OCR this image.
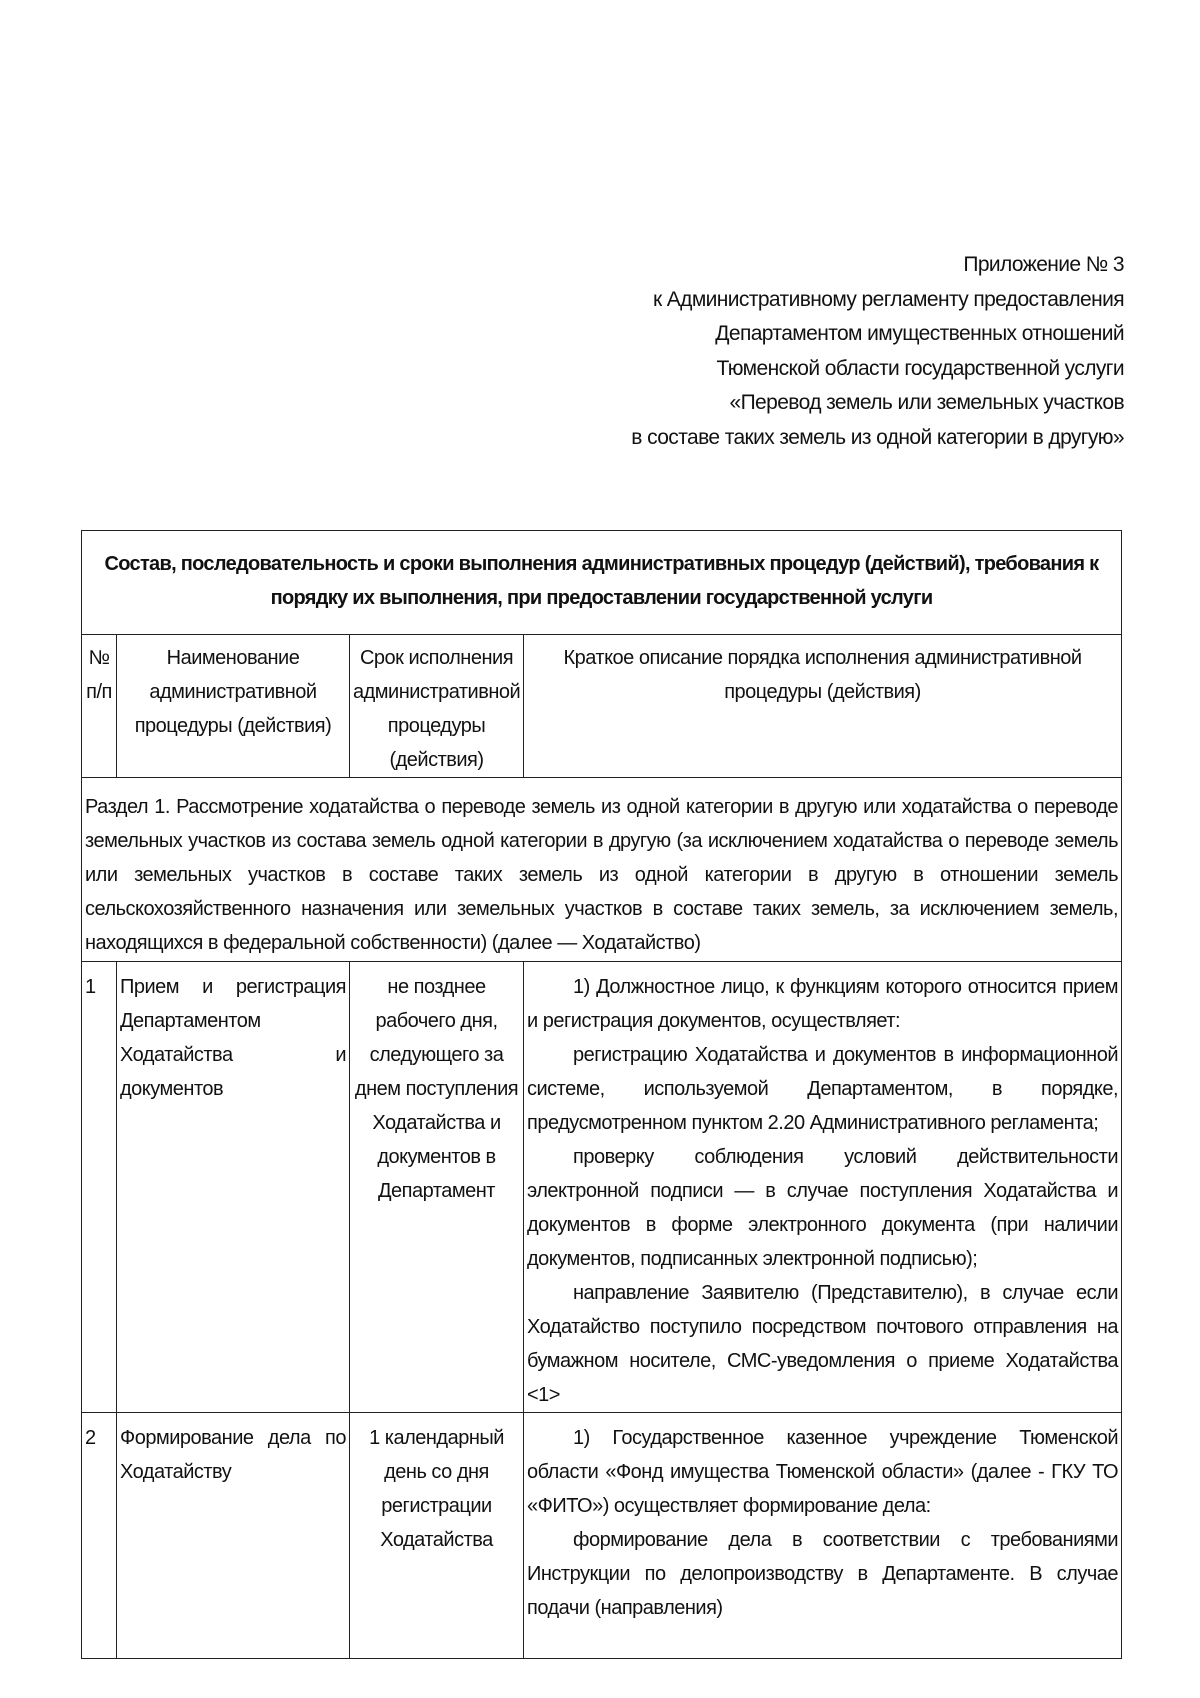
Приложение № 3
к Административному регламенту предоставления
Департаментом имущественных отношений
Тюменской области государственной услуги
«Перевод земель или земельных участков
в составе таких земель из одной категории в другую»
Состав, последовательность и сроки выполнения административных процедур (действий), требования к порядку их выполнения, при предоставлении государственной услуги			
№ п/п	Наименование административной процедуры (действия)	Срок исполнения административной процедуры (действия)	Краткое описание порядка исполнения административной процедуры (действия)
Раздел 1. Рассмотрение ходатайства о переводе земель из одной категории в другую или ходатайства о переводе земельных участков из состава земель одной категории в другую (за исключением ходатайства о переводе земель или земельных участков в составе таких земель из одной категории в другую в отношении земель сельскохозяйственного назначения или земельных участков в составе таких земель, за исключением земель, находящихся в федеральной собственности) (далее — Ходатайство)			
1	Прием и регистрация Департаментом Ходатайства и документов	не позднее рабочего дня, следующего за днем поступления Ходатайства и документов в Департамент	1) Должностное лицо, к функциям которого относится прием и регистрация документов, осуществляет:

регистрацию Ходатайства и документов в информационной системе, используемой Департаментом, в порядке, предусмотренном пунктом 2.20 Административного регламента;

проверку соблюдения условий действительности электронной подписи — в случае поступления Ходатайства и документов в форме электронного документа (при наличии документов, подписанных электронной подписью);

направление Заявителю (Представителю), в случае если Ходатайство поступило посредством почтового отправления на бумажном носителе, СМС-уведомления о приеме Ходатайства <1>

2	Формирование дела по Ходатайству	1 календарный день со дня регистрации Ходатайства	1) Государственное казенное учреждение Тюменской области «Фонд имущества Тюменской области» (далее - ГКУ ТО «ФИТО») осуществляет формирование дела:

формирование дела в соответствии с требованиями Инструкции по делопроизводству в Департаменте. В случае подачи (направления)
